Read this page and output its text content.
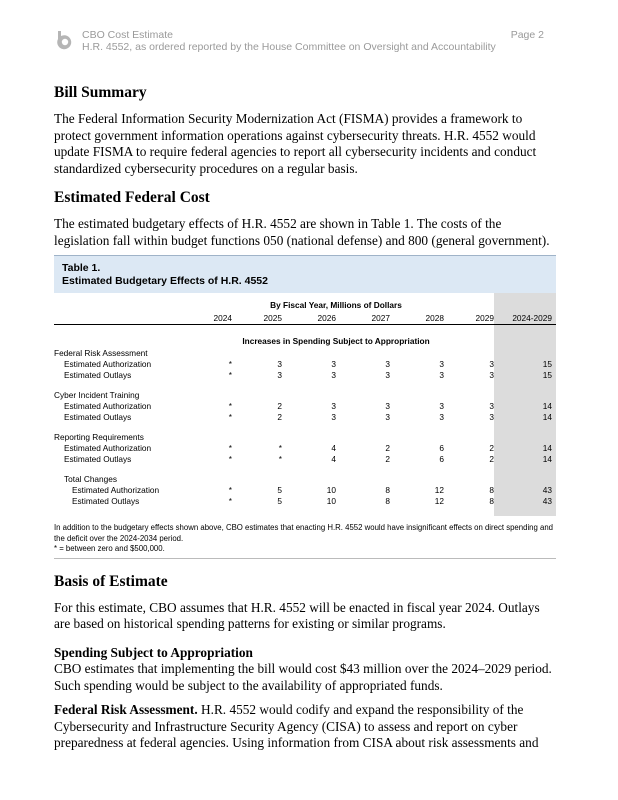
CBO Cost Estimate
H.R. 4552, as ordered reported by the House Committee on Oversight and Accountability
Page 2
Bill Summary

The Federal Information Security Modernization Act (FISMA) provides a framework to protect government information operations against cybersecurity threats. H.R. 4552 would update FISMA to require federal agencies to report all cybersecurity incidents and conduct standardized cybersecurity procedures on a regular basis.

Estimated Federal Cost

The estimated budgetary effects of H.R. 4552 are shown in Table 1. The costs of the legislation fall within budget functions 050 (national defense) and 800 (general government).

Table 1.
Estimated Budgetary Effects of H.R. 4552
	By Fiscal Year, Millions of Dollars						
	2024	2025	2026	2027	2028	2029	2024-2029

	Increases in Spending Subject to Appropriation						
Federal Risk Assessment							
Estimated Authorization	*	3	3	3	3	3	15
Estimated Outlays	*	3	3	3	3	3	15

Cyber Incident Training							
Estimated Authorization	*	2	3	3	3	3	14
Estimated Outlays	*	2	3	3	3	3	14

Reporting Requirements							
Estimated Authorization	*	*	4	2	6	2	14
Estimated Outlays	*	*	4	2	6	2	14

Total Changes							
Estimated Authorization	*	5	10	8	12	8	43
Estimated Outlays	*	5	10	8	12	8	43

In addition to the budgetary effects shown above, CBO estimates that enacting H.R. 4552 would have insignificant effects on direct spending and the deficit over the 2024-2034 period.
* = between zero and $500,000.
Basis of Estimate

For this estimate, CBO assumes that H.R. 4552 will be enacted in fiscal year 2024. Outlays are based on historical spending patterns for existing or similar programs.

Spending Subject to Appropriation

CBO estimates that implementing the bill would cost $43 million over the 2024–2029 period. Such spending would be subject to the availability of appropriated funds.

Federal Risk Assessment. H.R. 4552 would codify and expand the responsibility of the Cybersecurity and Infrastructure Security Agency (CISA) to assess and report on cyber preparedness at federal agencies. Using information from CISA about risk assessments and
